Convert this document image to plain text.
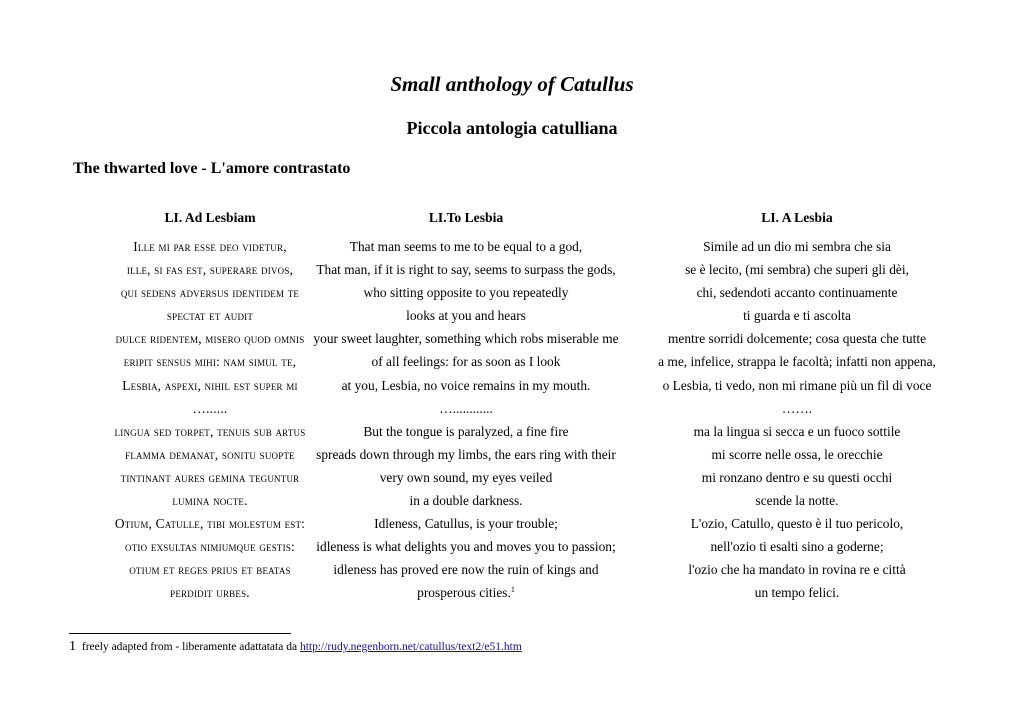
Small anthology of Catullus
Piccola antologia catulliana
The thwarted love - L'amore contrastato
LI. Ad Lesbiam
Ille mi par esse deo videtur,
ille, si fas est, superare divos,
qui sedens adversus identidem te
spectat et audit
dulce ridentem, misero quod omnis
eripit sensus mihi: nam simul te,
Lesbia, aspexi, nihil est super mi
…......
lingua sed torpet, tenuis sub artus
flamma demanat, sonitu suopte
tintinant aures gemina teguntur
lumina nocte.
Otium, Catulle, tibi molestum est:
otio exsultas nimiumque gestis:
otium et reges prius et beatas
perdidit urbes.
LI.To Lesbia
That man seems to me to be equal to a god,
That man, if it is right to say, seems to surpass the gods,
who sitting opposite to you repeatedly
looks at you and hears
your sweet laughter, something which robs miserable me
of all feelings: for as soon as I look
at you, Lesbia, no voice remains in my mouth.
…............
But the tongue is paralyzed, a fine fire
spreads down through my limbs, the ears ring with their
very own sound, my eyes veiled
in a double darkness.
Idleness, Catullus, is your trouble;
idleness is what delights you and moves you to passion;
idleness has proved ere now the ruin of kings and
prosperous cities.$^1$
LI. A Lesbia
Simile ad un dio mi sembra che sia
se è lecito, (mi sembra) che superi gli dèi,
chi, sedendoti accanto continuamente
ti guarda e ti ascolta
mentre sorridi dolcemente; cosa questa che tutte
a me, infelice, strappa le facoltà; infatti non appena,
o Lesbia, ti vedo, non mi rimane più un fil di voce
…….
ma la lingua si secca e un fuoco sottile
mi scorre nelle ossa, le orecchie
mi ronzano dentro e su questi occhi
scende la notte.
L'ozio, Catullo, questo è il tuo pericolo,
nell'ozio ti esalti sino a goderne;
l'ozio che ha mandato in rovina re e città
un tempo felici.
1 freely adapted from - liberamente adattatata da http://rudy.negenborn.net/catullus/text2/e51.htm
